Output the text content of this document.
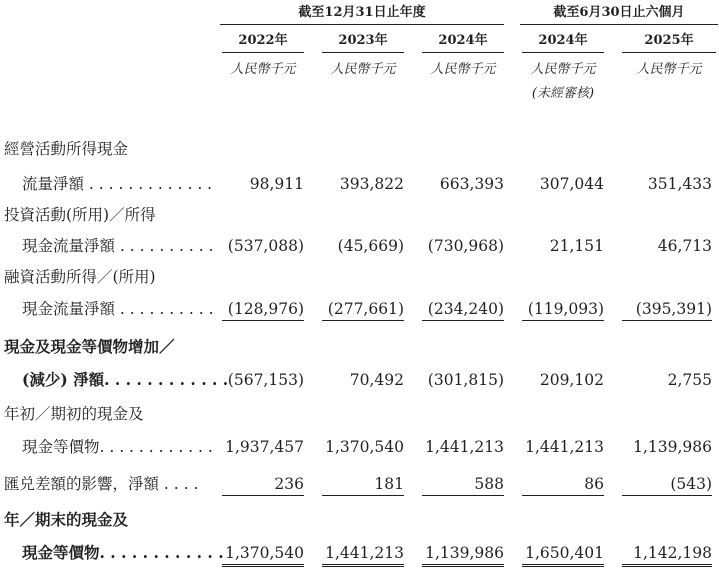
截至12月31日止年度	截至6月30日止六個月
2022年	2023年	2024年	2024年	2025年
人民幣千元	人民幣千元	人民幣千元	人民幣千元	人民幣千元
(未經審核)
經營活動所得現金
流量淨額 . . . . . . . . . . . . .	98,911	393,822	663,393	307,044	351,433
投資活動(所用)／所得
現金流量淨額 . . . . . . . . . . (537,088)	(45,669)	(730,968)	21,151	46,713
融資活動所得／(所用)
現金流量淨額 . . . . . . . . . . (128,976)	(277,661)	(234,240)	(119,093)	(395,391)
現金及現金等價物增加／
(減少) 淨額. . . . . . . . . . . . (567,153)	70,492	(301,815)	209,102	2,755
年初／期初的現金及
現金等價物. . . . . . . . . . . . 1,937,457 1,370,540 1,441,213 1,441,213	1,139,986
匯兑差額的影響，淨額 . . . .	236	181	588	86	(543)
年／期末的現金及
現金等價物. . . . . . . . . . . . 1,370,540 1,441,213 1,139,986 1,650,401	1,142,198
